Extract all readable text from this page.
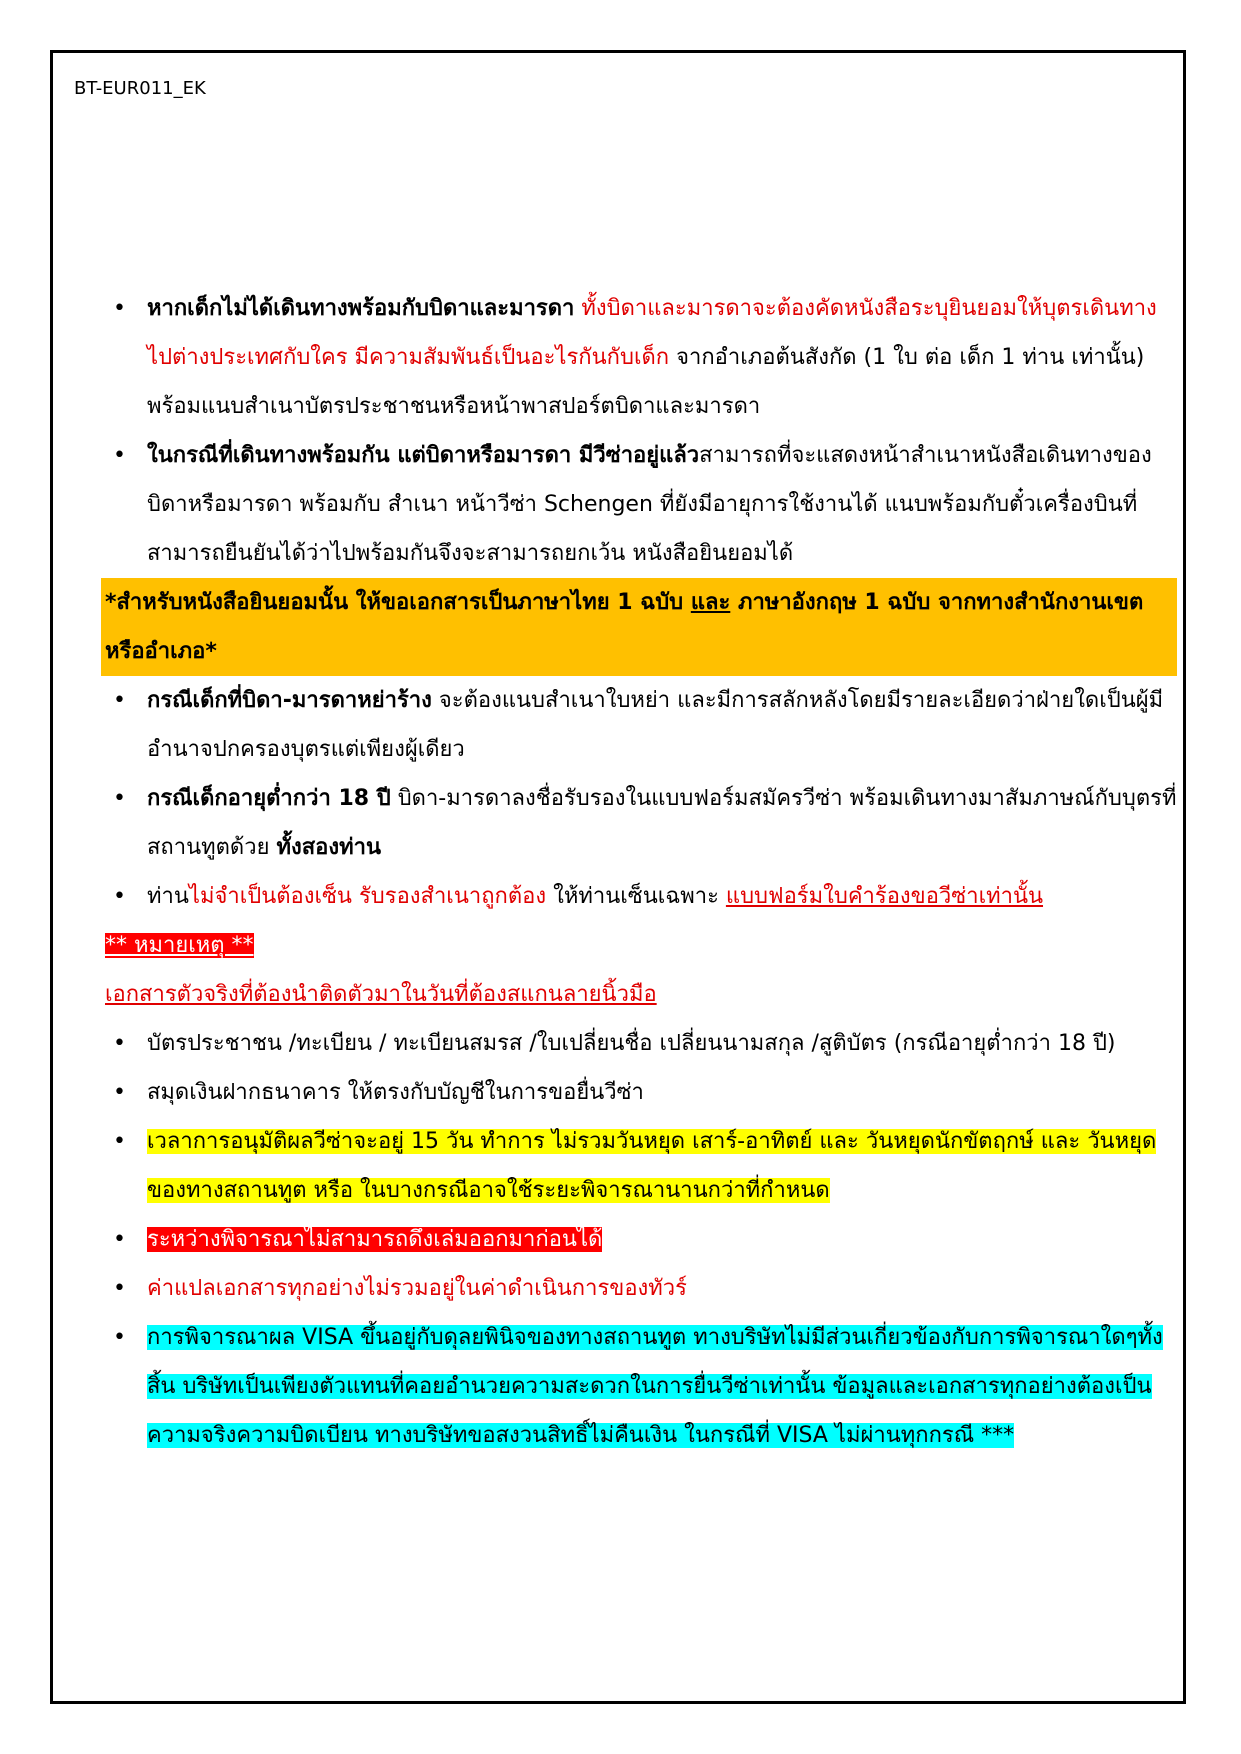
BT-EUR011_EK
• หากเด็กไม่ได้เดินทางพร้อมกับบิดาและมารดา ทั้งบิดาและมารดาจะต้องคัดหนังสือระบุยินยอมให้บุตรเดินทางไปต่างประเทศกับใคร มีความสัมพันธ์เป็นอะไรกันกับเด็ก จากอำเภอต้นสังกัด (1 ใบ ต่อ เด็ก 1 ท่าน เท่านั้น)
พร้อมแนบสำเนาบัตรประชาชนหรือหน้าพาสปอร์ตบิดาและมารดา
• ในกรณีที่เดินทางพร้อมกัน แต่บิดาหรือมารดา มีวีซ่าอยู่แล้วสามารถที่จะแสดงหน้าสำเนาหนังสือเดินทางของบิดาหรือมารดา พร้อมกับ สำเนา หน้าวีซ่า Schengen ที่ยังมีอายุการใช้งานได้ แนบพร้อมกับตั๋วเครื่องบินที่สามารถยืนยันได้ว่าไปพร้อมกันจึงจะสามารถยกเว้น หนังสือยินยอมได้
*สำหรับหนังสือยินยอมนั้น ให้ขอเอกสารเป็นภาษาไทย 1 ฉบับ และ ภาษาอังกฤษ 1 ฉบับ จากทางสำนักงานเขต หรืออำเภอ*
• กรณีเด็กที่บิดา-มารดาหย่าร้าง จะต้องแนบสำเนาใบหย่า และมีการสลักหลังโดยมีรายละเอียดว่าฝ่ายใดเป็นผู้มีอำนาจปกครองบุตรแต่เพียงผู้เดียว
• กรณีเด็กอายุต่ำกว่า 18 ปี บิดา-มารดาลงชื่อรับรองในแบบฟอร์มสมัครวีซ่า พร้อมเดินทางมาสัมภาษณ์กับบุตรที่สถานทูตด้วย ทั้งสองท่าน
• ท่านไม่จำเป็นต้องเซ็น รับรองสำเนาถูกต้อง ให้ท่านเซ็นเฉพาะ แบบฟอร์มใบคำร้องขอวีซ่าเท่านั้น
** หมายเหตุ **
เอกสารตัวจริงที่ต้องนำติดตัวมาในวันที่ต้องสแกนลายนิ้วมือ
• บัตรประชาชน /ทะเบียน / ทะเบียนสมรส /ใบเปลี่ยนชื่อ เปลี่ยนนามสกุล /สูติบัตร (กรณีอายุต่ำกว่า 18 ปี)
• สมุดเงินฝากธนาคาร ให้ตรงกับบัญชีในการขอยื่นวีซ่า
• เวลาการอนุมัติผลวีซ่าจะอยู่ 15 วัน ทำการ ไม่รวมวันหยุด เสาร์-อาทิตย์ และ วันหยุดนักขัตฤกษ์ และ วันหยุดของทางสถานทูต หรือ ในบางกรณีอาจใช้ระยะพิจารณานานกว่าที่กำหนด
• ระหว่างพิจารณาไม่สามารถดึงเล่มออกมาก่อนได้
• ค่าแปลเอกสารทุกอย่างไม่รวมอยู่ในค่าดำเนินการของทัวร์
• การพิจารณาผล VISA ขึ้นอยู่กับดุลยพินิจของทางสถานทูต ทางบริษัทไม่มีส่วนเกี่ยวข้องกับการพิจารณาใดๆทั้งสิ้น บริษัทเป็นเพียงตัวแทนที่คอยอำนวยความสะดวกในการยื่นวีซ่าเท่านั้น ข้อมูลและเอกสารทุกอย่างต้องเป็นความจริงความบิดเบียน ทางบริษัทขอสงวนสิทธิ์ไม่คืนเงิน ในกรณีที่ VISA ไม่ผ่านทุกกรณี ***
